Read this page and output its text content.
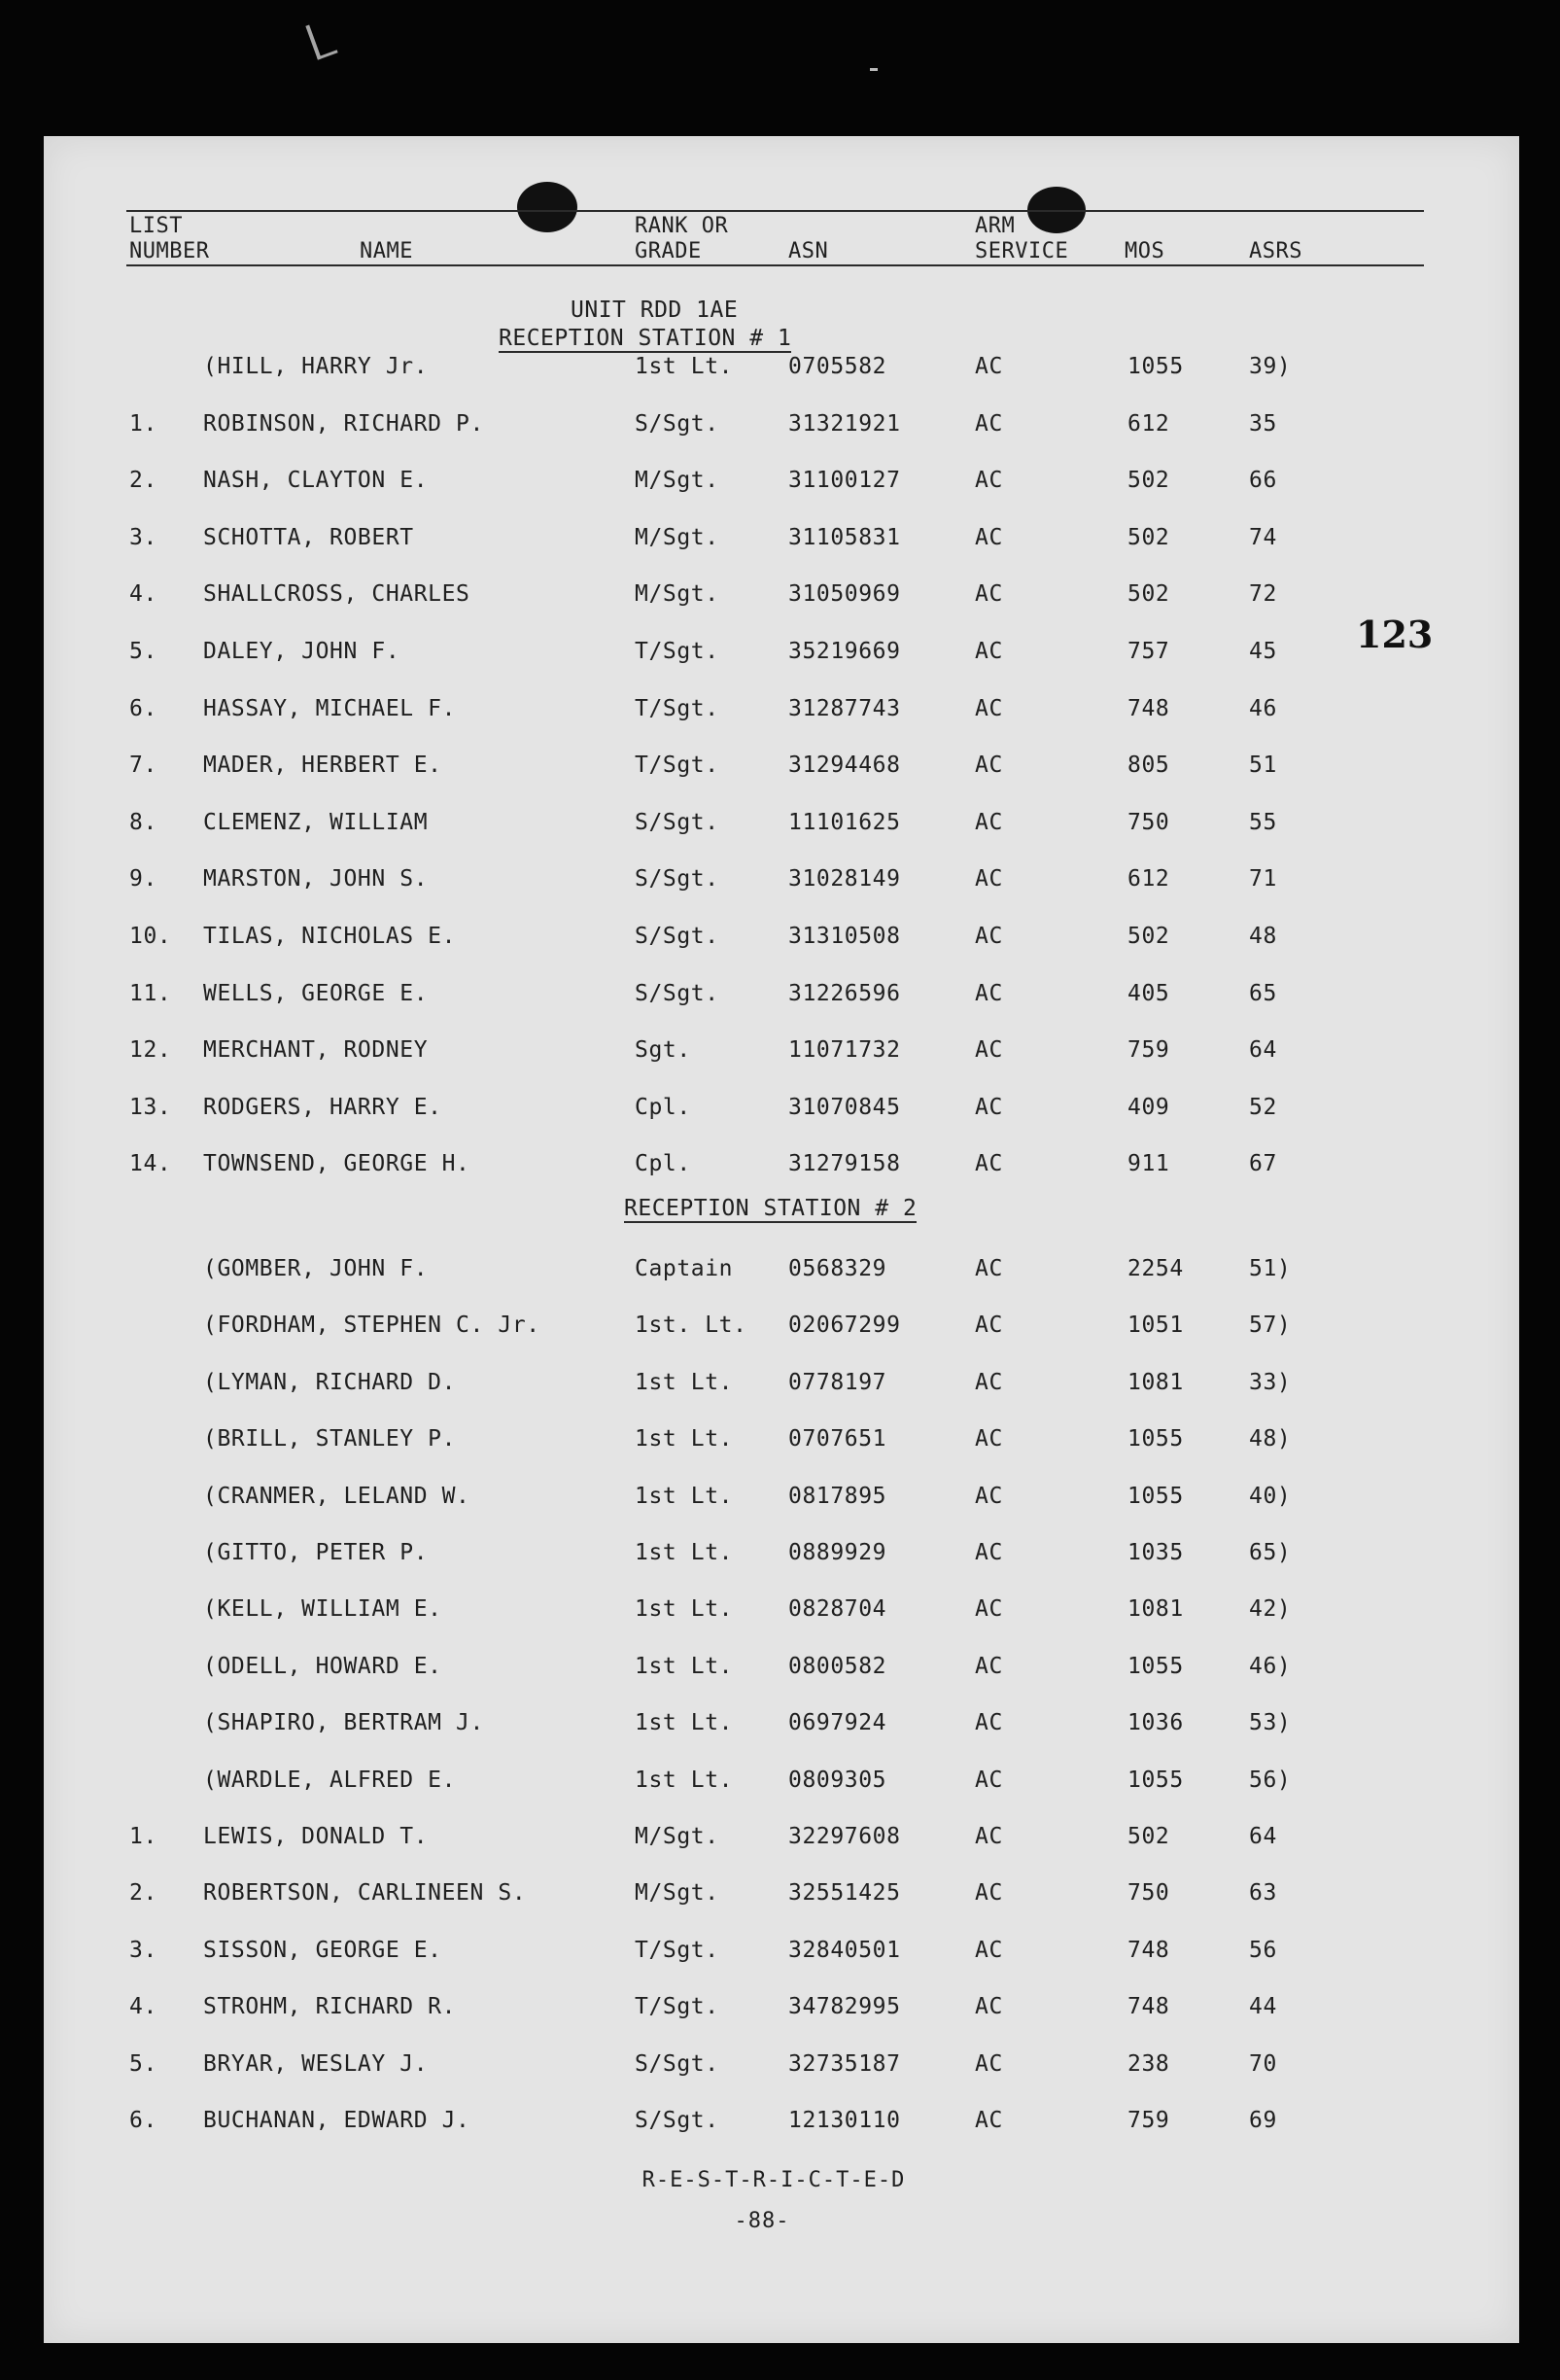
LIST
NUMBER	NAME
RANK OR
GRADE	ASN
ARM
SERVICE	MOS	ASRS
UNIT RDD 1AE
RECEPTION STATION # 1
(HILL, HARRY Jr.	1st Lt. 0705582	AC	1055	39)
1. ROBINSON, RICHARD P.	S/Sgt.	31321921	AC	612	35
2. NASH, CLAYTON E.	M/Sgt.	31100127	AC	502	66
3. SCHOTTA, ROBERT	M/Sgt.	31105831	AC	502	74
4. SHALLCROSS, CHARLES	M/Sgt.	31050969	AC	502	72
5. DALEY, JOHN F.	T/Sgt.	35219669	AC	757	45
6. HASSAY, MICHAEL F.	T/Sgt.	31287743	AC	748	46
7. MADER, HERBERT E.	T/Sgt.	31294468	AC	805	51
8. CLEMENZ, WILLIAM	S/Sgt.	11101625	AC	750	55
9. MARSTON, JOHN S.	S/Sgt.	31028149	AC	612	71
10. TILAS, NICHOLAS E.	S/Sgt.	31310508	AC	502	48
11. WELLS, GEORGE E.	S/Sgt.	31226596	AC	405	65
12. MERCHANT, RODNEY	Sgt.	11071732	AC	759	64
13. RODGERS, HARRY E.	Cpl.	31070845	AC	409	52
14. TOWNSEND, GEORGE H.	Cpl.	31279158	AC	911	67
RECEPTION STATION # 2
(GOMBER, JOHN F.	Captain 0568329	AC	2254	51)
(FORDHAM, STEPHEN C. Jr.	1st. Lt. 02067299	AC	1051	57)
(LYMAN, RICHARD D.	1st Lt. 0778197	AC	1081	33)
(BRILL, STANLEY P.	1st Lt. 0707651	AC	1055	48)
(CRANMER, LELAND W.	1st Lt. 0817895	AC	1055	40)
(GITTO, PETER P.	1st Lt. 0889929	AC	1035	65)
(KELL, WILLIAM E.	1st Lt. 0828704	AC	1081	42)
(ODELL, HOWARD E.	1st Lt. 0800582	AC	1055	46)
(SHAPIRO, BERTRAM J.	1st Lt. 0697924	AC	1036	53)
(WARDLE, ALFRED E.	1st Lt. 0809305	AC	1055	56)
1. LEWIS, DONALD T.	M/Sgt.	32297608	AC	502	64
2. ROBERTSON, CARLINEEN S.	M/Sgt.	32551425	AC	750	63
3. SISSON, GEORGE E.	T/Sgt.	32840501	AC	748	56
4. STROHM, RICHARD R.	T/Sgt.	34782995	AC	748	44
5. BRYAR, WESLAY J.	S/Sgt.	32735187	AC	238	70
6. BUCHANAN, EDWARD J.	S/Sgt.	12130110	AC	759	69
123
R-E-S-T-R-I-C-T-E-D
-88-
